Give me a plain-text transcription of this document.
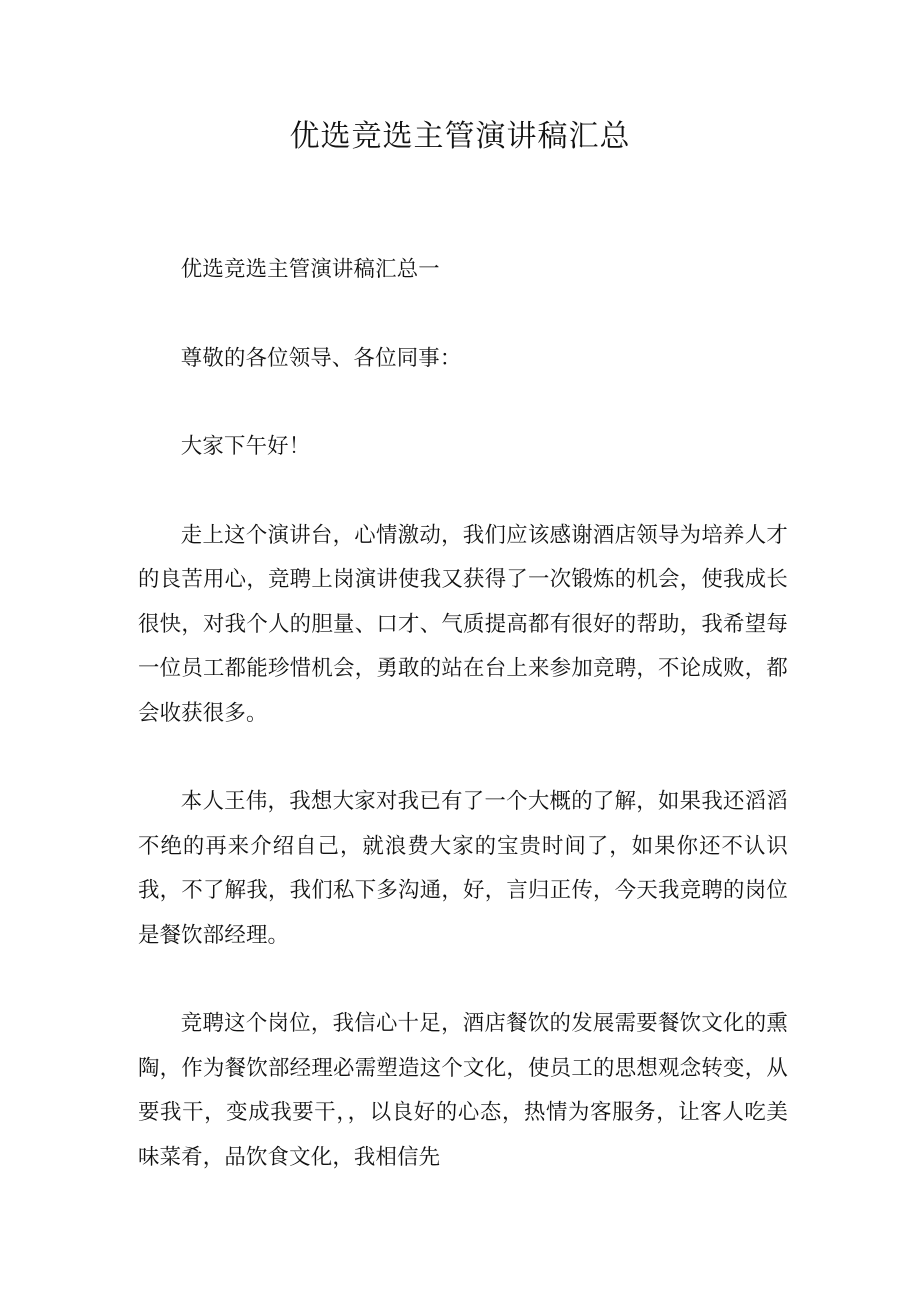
优选竞选主管演讲稿汇总

优选竞选主管演讲稿汇总一

尊敬的各位领导、各位同事：

大家下午好！

走上这个演讲台，心情激动，我们应该感谢酒店领导为培养人才的良苦用心，竞聘上岗演讲使我又获得了一次锻炼的机会，使我成长很快，对我个人的胆量、口才、气质提高都有很好的帮助，我希望每一位员工都能珍惜机会，勇敢的站在台上来参加竞聘，不论成败，都会收获很多。

本人王伟，我想大家对我已有了一个大概的了解，如果我还滔滔不绝的再来介绍自己，就浪费大家的宝贵时间了，如果你还不认识我，不了解我，我们私下多沟通，好，言归正传，今天我竞聘的岗位是餐饮部经理。

竞聘这个岗位，我信心十足，酒店餐饮的发展需要餐饮文化的熏陶，作为餐饮部经理必需塑造这个文化，使员工的思想观念转变，从要我干，变成我要干，，以良好的心态，热情为客服务，让客人吃美味菜肴，品饮食文化，我相信先
